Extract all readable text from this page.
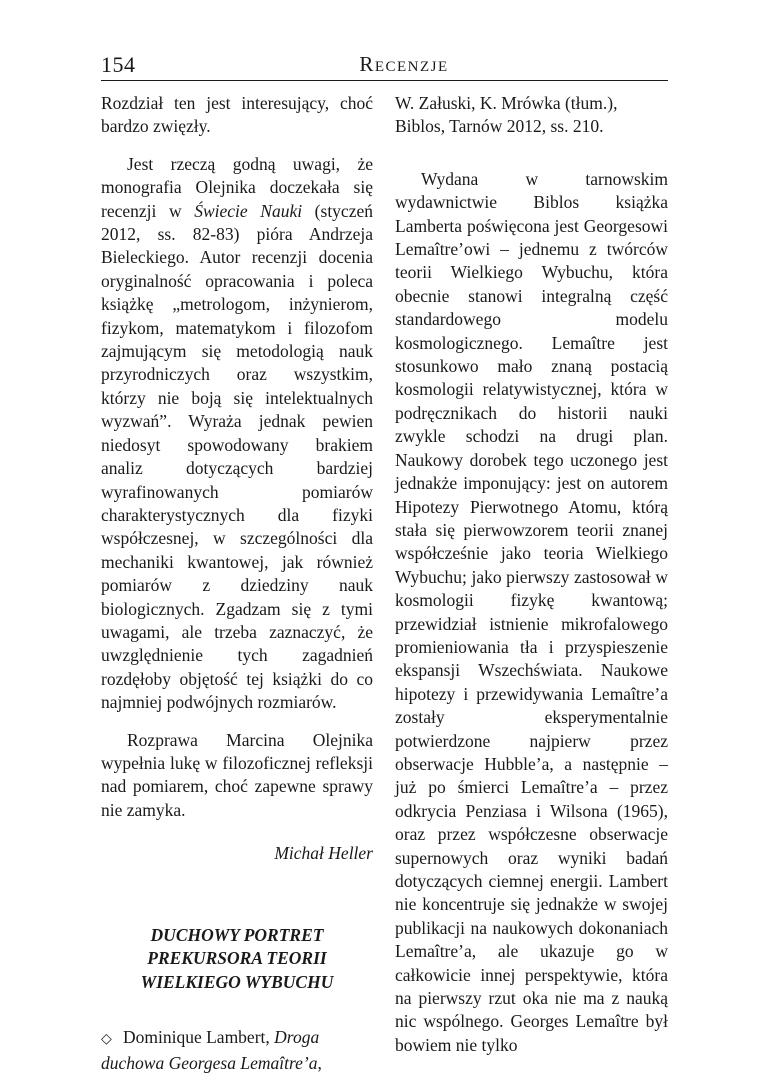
154	Recenzje

Rozdział ten jest interesujący, choć bardzo zwięzły.

Jest rzeczą godną uwagi, że monografia Olejnika doczekała się recenzji w Świecie Nauki (styczeń 2012, ss. 82-83) pióra Andrzeja Bieleckiego. Autor recenzji docenia oryginalność opracowania i poleca książkę „metrologom, inżynierom, fizykom, matematykom i filozofom zajmującym się metodologią nauk przyrodniczych oraz wszystkim, którzy nie boją się intelektualnych wyzwań”. Wyraża jednak pewien niedosyt spowodowany brakiem analiz dotyczących bardziej wyrafinowanych pomiarów charakterystycznych dla fizyki współczesnej, w szczególności dla mechaniki kwantowej, jak również pomiarów z dziedziny nauk biologicznych. Zgadzam się z tymi uwagami, ale trzeba zaznaczyć, że uwzględnienie tych zagadnień rozdęłoby objętość tej książki do co najmniej podwójnych rozmiarów.

Rozprawa Marcina Olejnika wypełnia lukę w filozoficznej refleksji nad pomiarem, choć zapewne sprawy nie zamyka.

Michał Heller

DUCHOWY PORTRET
PREKURSORA TEORII
WIELKIEGO WYBUCHU

◇ Dominique Lambert, Droga duchowa Georgesa Lemaître’a,

W. Załuski, K. Mrówka (tłum.), Biblos, Tarnów 2012, ss. 210.

Wydana w tarnowskim wydawnictwie Biblos książka Lamberta poświęcona jest Georgesowi Lemaître’owi – jednemu z twórców teorii Wielkiego Wybuchu, która obecnie stanowi integralną część standardowego modelu kosmologicznego. Lemaître jest stosunkowo mało znaną postacią kosmologii relatywistycznej, która w podręcznikach do historii nauki zwykle schodzi na drugi plan. Naukowy dorobek tego uczonego jest jednakże imponujący: jest on autorem Hipotezy Pierwotnego Atomu, którą stała się pierwowzorem teorii znanej współcześnie jako teoria Wielkiego Wybuchu; jako pierwszy zastosował w kosmologii fizykę kwantową; przewidział istnienie mikrofalowego promieniowania tła i przyspieszenie ekspansji Wszechświata. Naukowe hipotezy i przewidywania Lemaître’a zostały eksperymentalnie potwierdzone najpierw przez obserwacje Hubble’a, a następnie – już po śmierci Lemaître’a – przez odkrycia Penziasa i Wilsona (1965), oraz przez współczesne obserwacje supernowych oraz wyniki badań dotyczących ciemnej energii. Lambert nie koncentruje się jednakże w swojej publikacji na naukowych dokonaniach Lemaître’a, ale ukazuje go w całkowicie innej perspektywie, która na pierwszy rzut oka nie ma z nauką nic wspólnego. Georges Lemaître był bowiem nie tylko
